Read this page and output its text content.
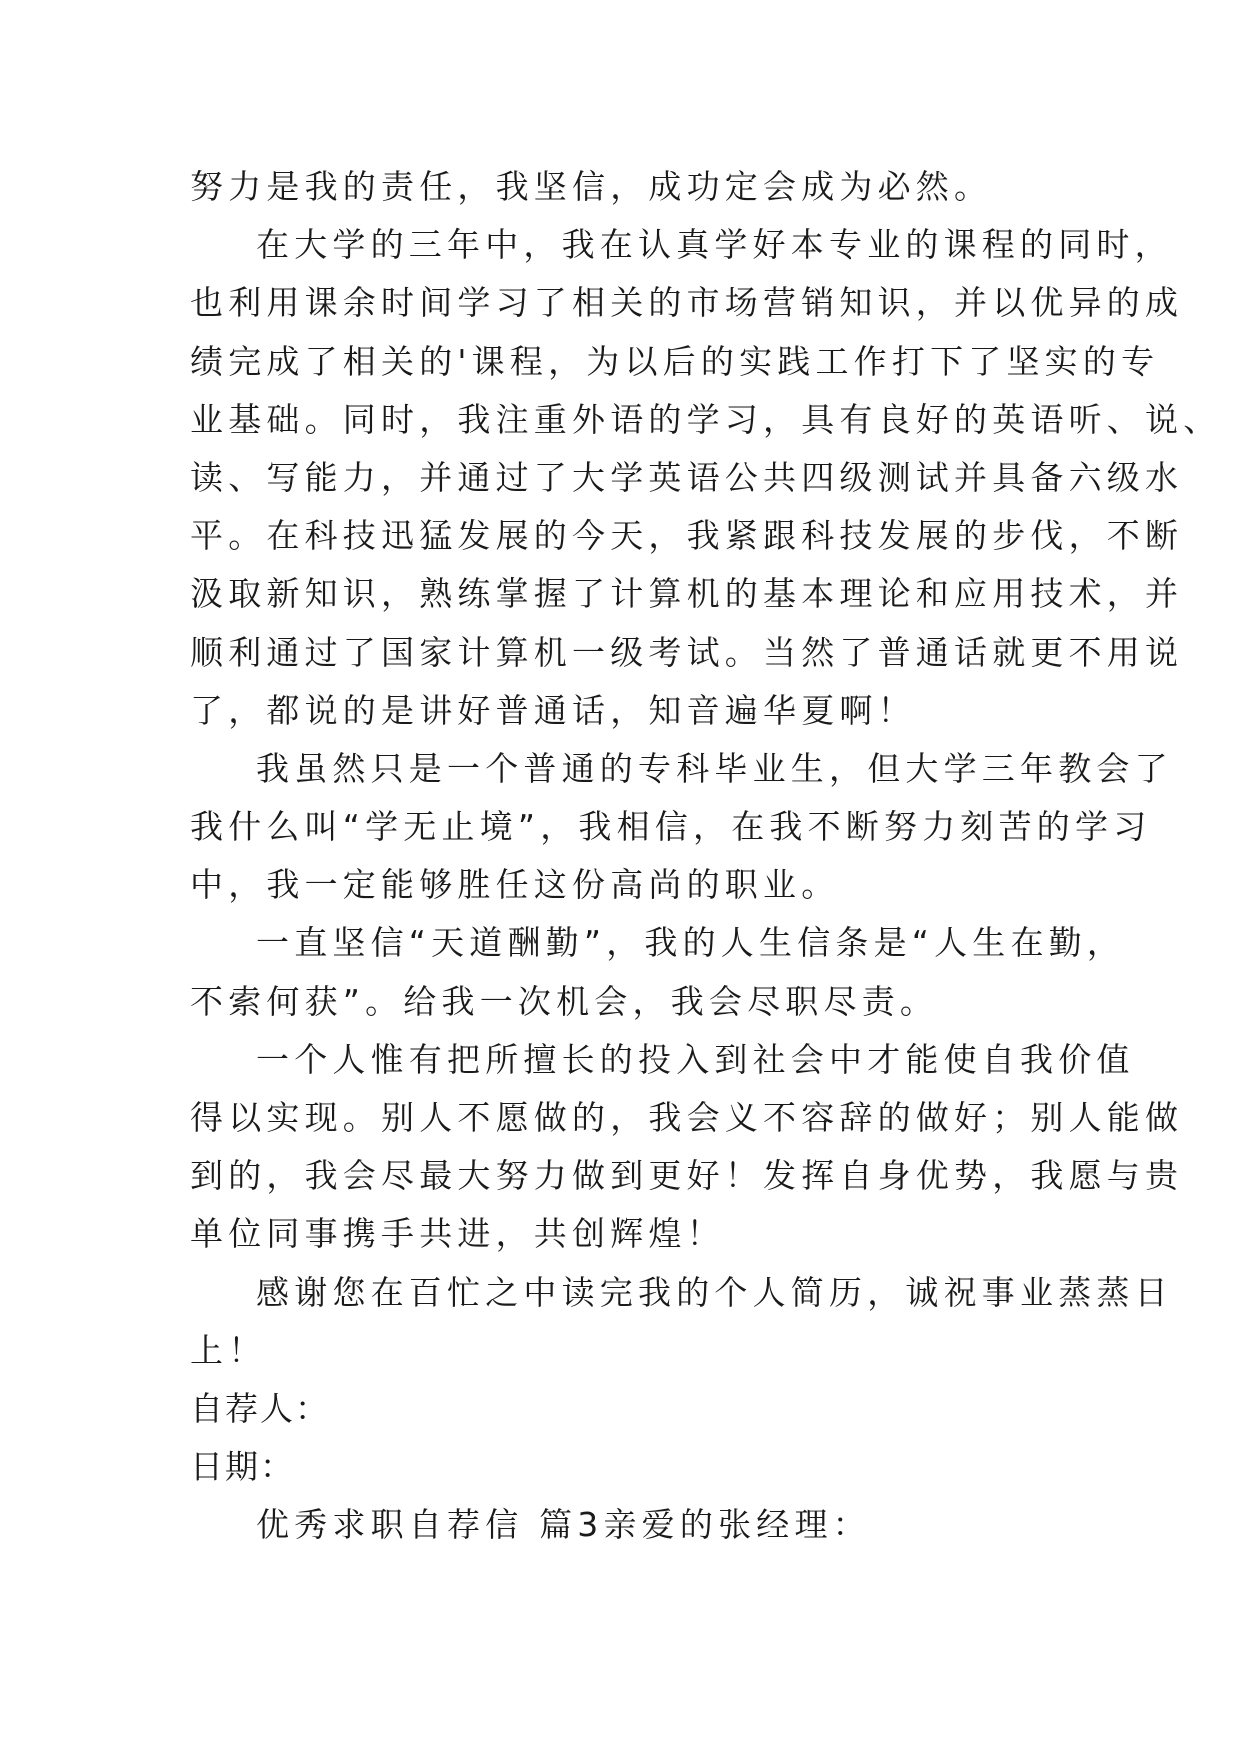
努力是我的责任，我坚信，成功定会成为必然。
在大学的三年中，我在认真学好本专业的课程的同时，
也利用课余时间学习了相关的市场营销知识，并以优异的成
绩完成了相关的'课程，为以后的实践工作打下了坚实的专
业基础。同时，我注重外语的学习，具有良好的英语听、说、
读、写能力，并通过了大学英语公共四级测试并具备六级水
平。在科技迅猛发展的今天，我紧跟科技发展的步伐，不断
汲取新知识，熟练掌握了计算机的基本理论和应用技术，并
顺利通过了国家计算机一级考试。当然了普通话就更不用说
了，都说的是讲好普通话，知音遍华夏啊！
我虽然只是一个普通的专科毕业生，但大学三年教会了
我什么叫“学无止境”，我相信，在我不断努力刻苦的学习
中，我一定能够胜任这份高尚的职业。
一直坚信“天道酬勤”，我的人生信条是“人生在勤，
不索何获”。给我一次机会，我会尽职尽责。
一个人惟有把所擅长的投入到社会中才能使自我价值
得以实现。别人不愿做的，我会义不容辞的做好；别人能做
到的，我会尽最大努力做到更好！发挥自身优势，我愿与贵
单位同事携手共进，共创辉煌！
感谢您在百忙之中读完我的个人简历，诚祝事业蒸蒸日
上！
自荐人：
日期：
优秀求职自荐信 篇3亲爱的张经理：
